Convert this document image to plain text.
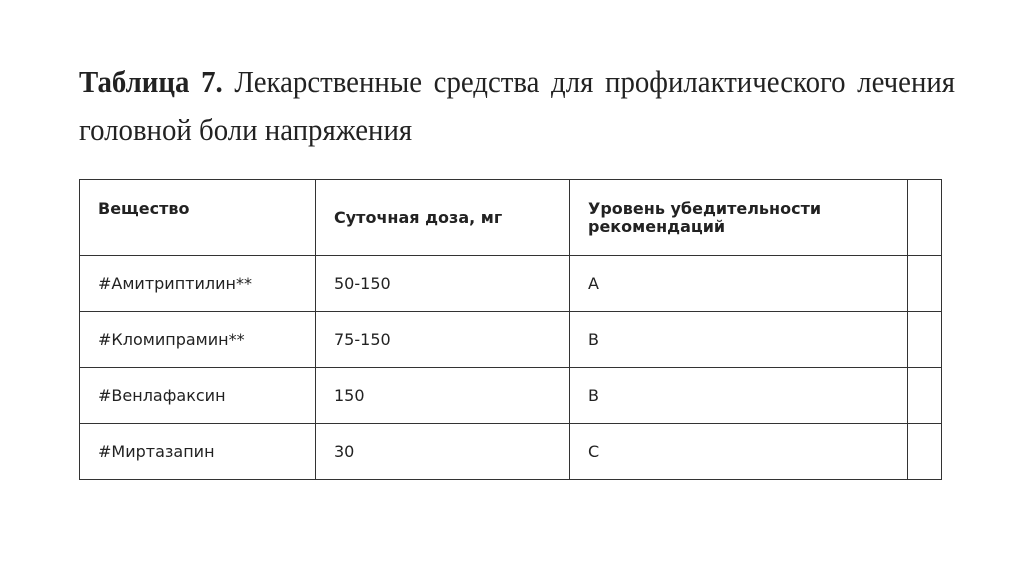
Таблица 7. Лекарственные средства для профилактического лечения головной боли напряжения
Вещество	Суточная доза, мг	Уровень убедительности рекомендаций	

#Амитриптилин**	50-150	A	
#Кломипрамин**	75-150	B	
#Венлафаксин	150	B	
#Миртазапин	30	C	
